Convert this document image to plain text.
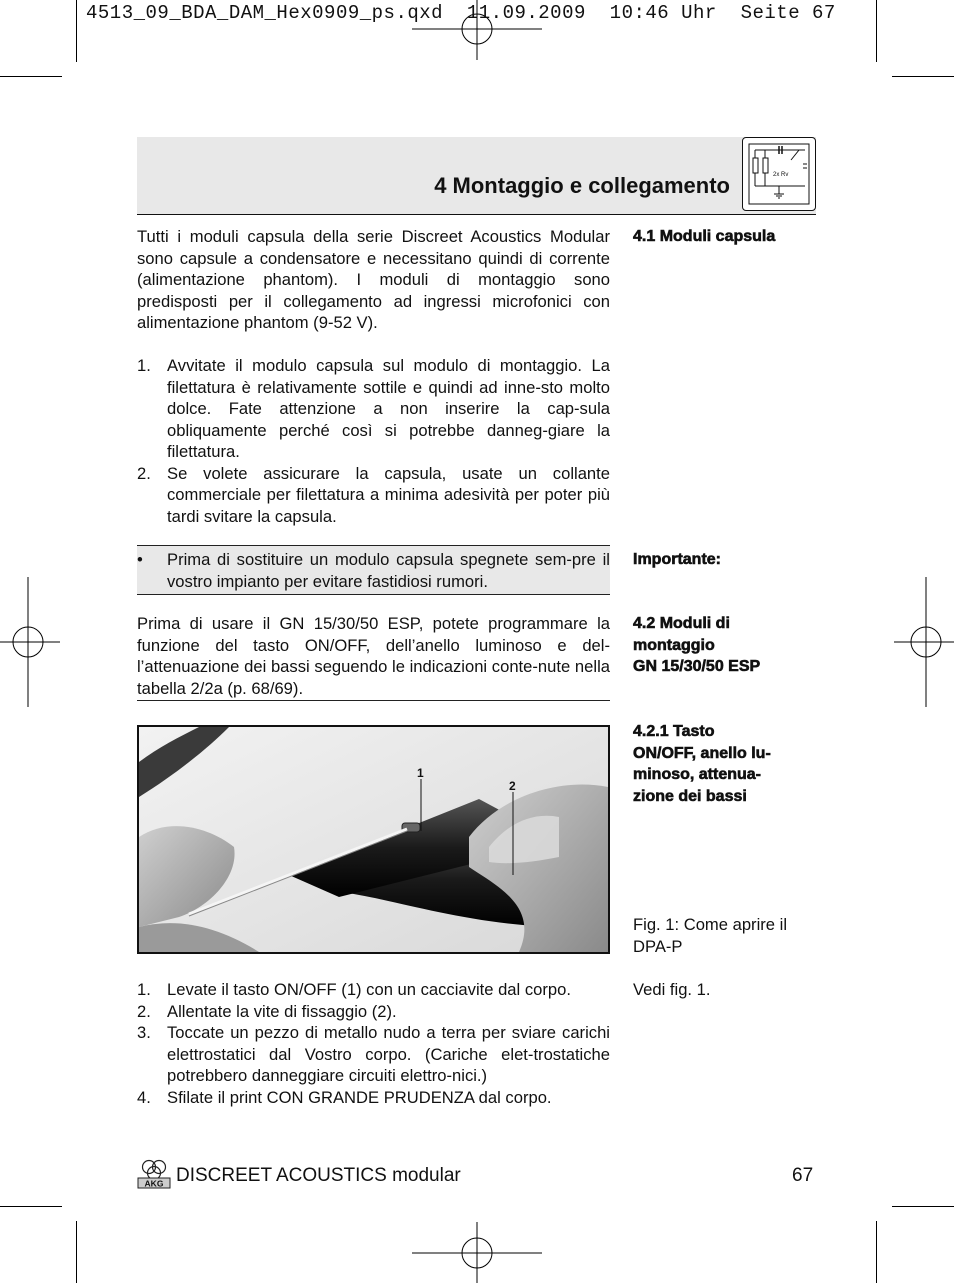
4513_09_BDA_DAM_Hex0909_ps.qxd  11.09.2009  10:46 Uhr  Seite 67
4 Montaggio e collegamento	2x Rv

Tutti i moduli capsula della serie Discreet Acoustics Modular sono capsule a condensatore e necessitano quindi di corrente (alimentazione phantom). I moduli di montaggio sono predisposti per il collegamento ad ingressi microfonici con alimentazione phantom (9-52 V).

1. Avvitate il modulo capsula sul modulo di montaggio. La filettatura è relativamente sottile e quindi ad inne-sto molto dolce. Fate attenzione a non inserire la cap-sula obliquamente perché così si potrebbe danneg-giare la filettatura.
2. Se volete assicurare la capsula, usate un collante commerciale per filettatura a minima adesività per poter più tardi svitare la capsula.
• Prima di sostituire un modulo capsula spegnete sem-pre il vostro impianto per evitare fastidiosi rumori.

Prima di usare il GN 15/30/50 ESP, potete programmare la funzione del tasto ON/OFF, dell’anello luminoso e del-l’attenuazione dei bassi seguendo le indicazioni conte-nute nella tabella 2/2a (p. 68/69).

1
2
1. Levate il tasto ON/OFF (1) con un cacciavite dal corpo.
2. Allentate la vite di fissaggio (2).
3. Toccate un pezzo di metallo nudo a terra per sviare carichi elettrostatici dal Vostro corpo. (Cariche elet-trostatiche potrebbero danneggiare circuiti elettro-nici.)
4. Sfilate il print CON GRANDE PRUDENZA dal corpo.
4.1 Moduli capsula
Importante:
4.2 Moduli di
montaggio
GN 15/30/50 ESP
4.2.1 Tasto
ON/OFF, anello lu-
minoso, attenua-
zione dei bassi
Fig. 1: Come aprire il
DPA-P
Vedi fig. 1.
AKG DISCREET ACOUSTICS modular	67
